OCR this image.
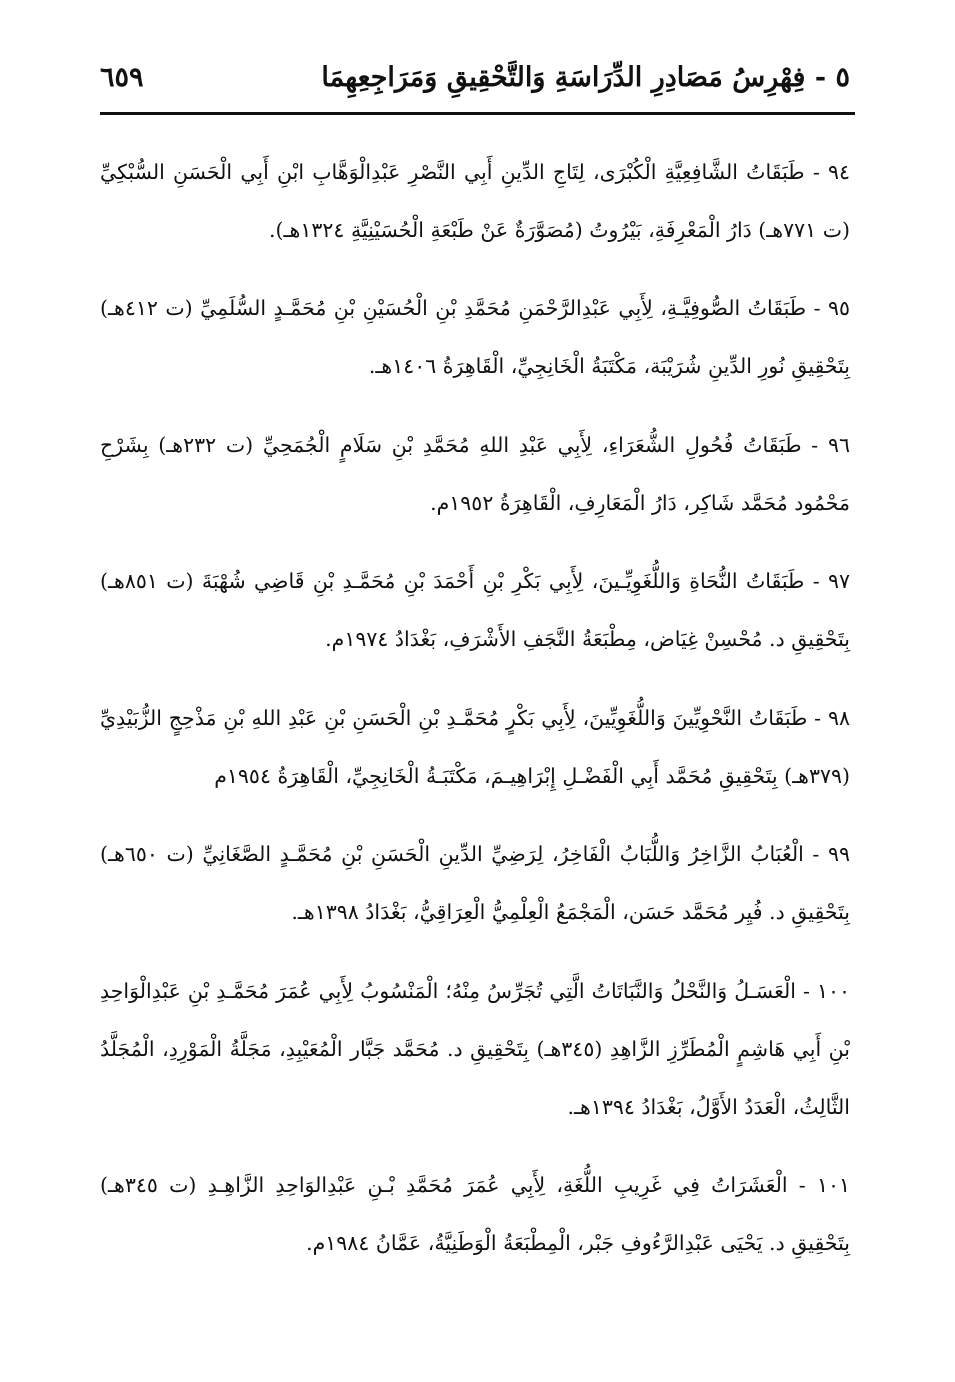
٥ - فِهْرِسُ مَصَادِرِ الدِّرَاسَةِ وَالتَّحْقِيقِ وَمَرَاجِعِهِمَا
٦٥٩

٩٤ - طَبَقَاتُ الشَّافِعِيَّةِ الْكُبْرَى، لِتَاجِ الدِّينِ أَبِي النَّصْرِ عَبْدِالْوَهَّابِ ابْنِ أَبِي الْحَسَنِ السُّبْكِيِّ (ت ٧٧١هـ) دَارُ الْمَعْرِفَةِ، بَيْرُوتُ (مُصَوَّرَةٌ عَنْ طَبْعَةِ الْحُسَيْنِيَّةِ ١٣٢٤هـ).

٩٥ - طَبَقَاتُ الصُّوفِيَّـةِ، لِأَبِي عَبْدِالرَّحْمَنِ مُحَمَّدِ بْنِ الْحُسَيْنِ بْنِ مُحَمَّـدٍ السُّلَمِيِّ (ت ٤١٢هـ) بِتَحْقِيقِ نُورِ الدِّينِ شُرَيْبَة، مَكْتَبَةُ الْخَانِجِيِّ، الْقَاهِرَةُ ١٤٠٦هـ.

٩٦ - طَبَقَاتُ فُحُولِ الشُّعَرَاءِ، لِأَبِي عَبْدِ اللهِ مُحَمَّدِ بْنِ سَلَامٍ الْجُمَحِيِّ (ت ٢٣٢هـ) بِشَرْحِ مَحْمُود مُحَمَّد شَاكِر، دَارُ الْمَعَارِفِ، الْقَاهِرَةُ ١٩٥٢م.

٩٧ - طَبَقَاتُ النُّحَاةِ وَاللُّغَوِيِّـينَ، لِأَبِي بَكْرِ بْنِ أَحْمَدَ بْنِ مُحَمَّـدِ بْنِ قَاضِي شُهْبَةَ (ت ٨٥١هـ) بِتَحْقِيقِ د. مُحْسِنْ غِيَاض، مِطْبَعَةُ النَّجَفِ الأَشْرَفِ، بَغْدَادُ ١٩٧٤م.

٩٨ - طَبَقَاتُ النَّحْوِيِّينَ وَاللُّغَوِيِّينَ، لِأَبِي بَكْرٍ مُحَمَّـدِ بْنِ الْحَسَنِ بْنِ عَبْدِ اللهِ بْنِ مَذْحِجٍ الزُّبَيْدِيِّ (٣٧٩هـ) بِتَحْقِيقِ مُحَمَّد أَبِي الْفَضْـلِ إِبْرَاهِيـمَ، مَكْتَبَـةُ الْخَانِجِيِّ، الْقَاهِرَةُ ١٩٥٤م

٩٩ - الْعُبَابُ الزَّاخِرُ وَاللُّبَابُ الْفَاخِرُ، لِرَضِيِّ الدِّينِ الْحَسَنِ بْنِ مُحَمَّـدٍ الصَّغَانِيِّ (ت ٦٥٠هـ) بِتَحْقِيقِ د. فُيِر مُحَمَّد حَسَن، الْمَجْمَعُ الْعِلْمِيُّ الْعِرَاقِيُّ، بَغْدَادُ ١٣٩٨هـ.

١٠٠ - الْعَسَـلُ وَالنَّحْلُ وَالنَّبَاتَاتُ الَّتِي تُجَرِّسُ مِنْهُ؛ الْمَنْسُوبُ لِأَبِي عُمَرَ مُحَمَّـدِ بْنِ عَبْدِالْوَاحِدِ بْنِ أَبِي هَاشِمٍ الْمُطَرِّزِ الزَّاهِدِ (٣٤٥هـ) بِتَحْقِيقِ د. مُحَمَّد جَبَّار الْمُعَيْبِدِ، مَجَلَّةُ الْمَوْرِدِ، الْمُجَلَّدُ الثَّالِثُ، الْعَدَدُ الأَوَّلُ، بَغْدَادُ ١٣٩٤هـ.

١٠١ - الْعَشَرَاتُ فِي غَرِيبِ اللُّغَةِ، لِأَبِي عُمَرَ مُحَمَّدِ بْـنِ عَبْدِالوَاحِدِ الزَّاهِـدِ (ت ٣٤٥هـ) بِتَحْقِيقِ د. يَحْيَى عَبْدِالرَّءُوفِ جَبْر، الْمِطْبَعَةُ الْوَطَنِيَّةُ، عَمَّانُ ١٩٨٤م.
